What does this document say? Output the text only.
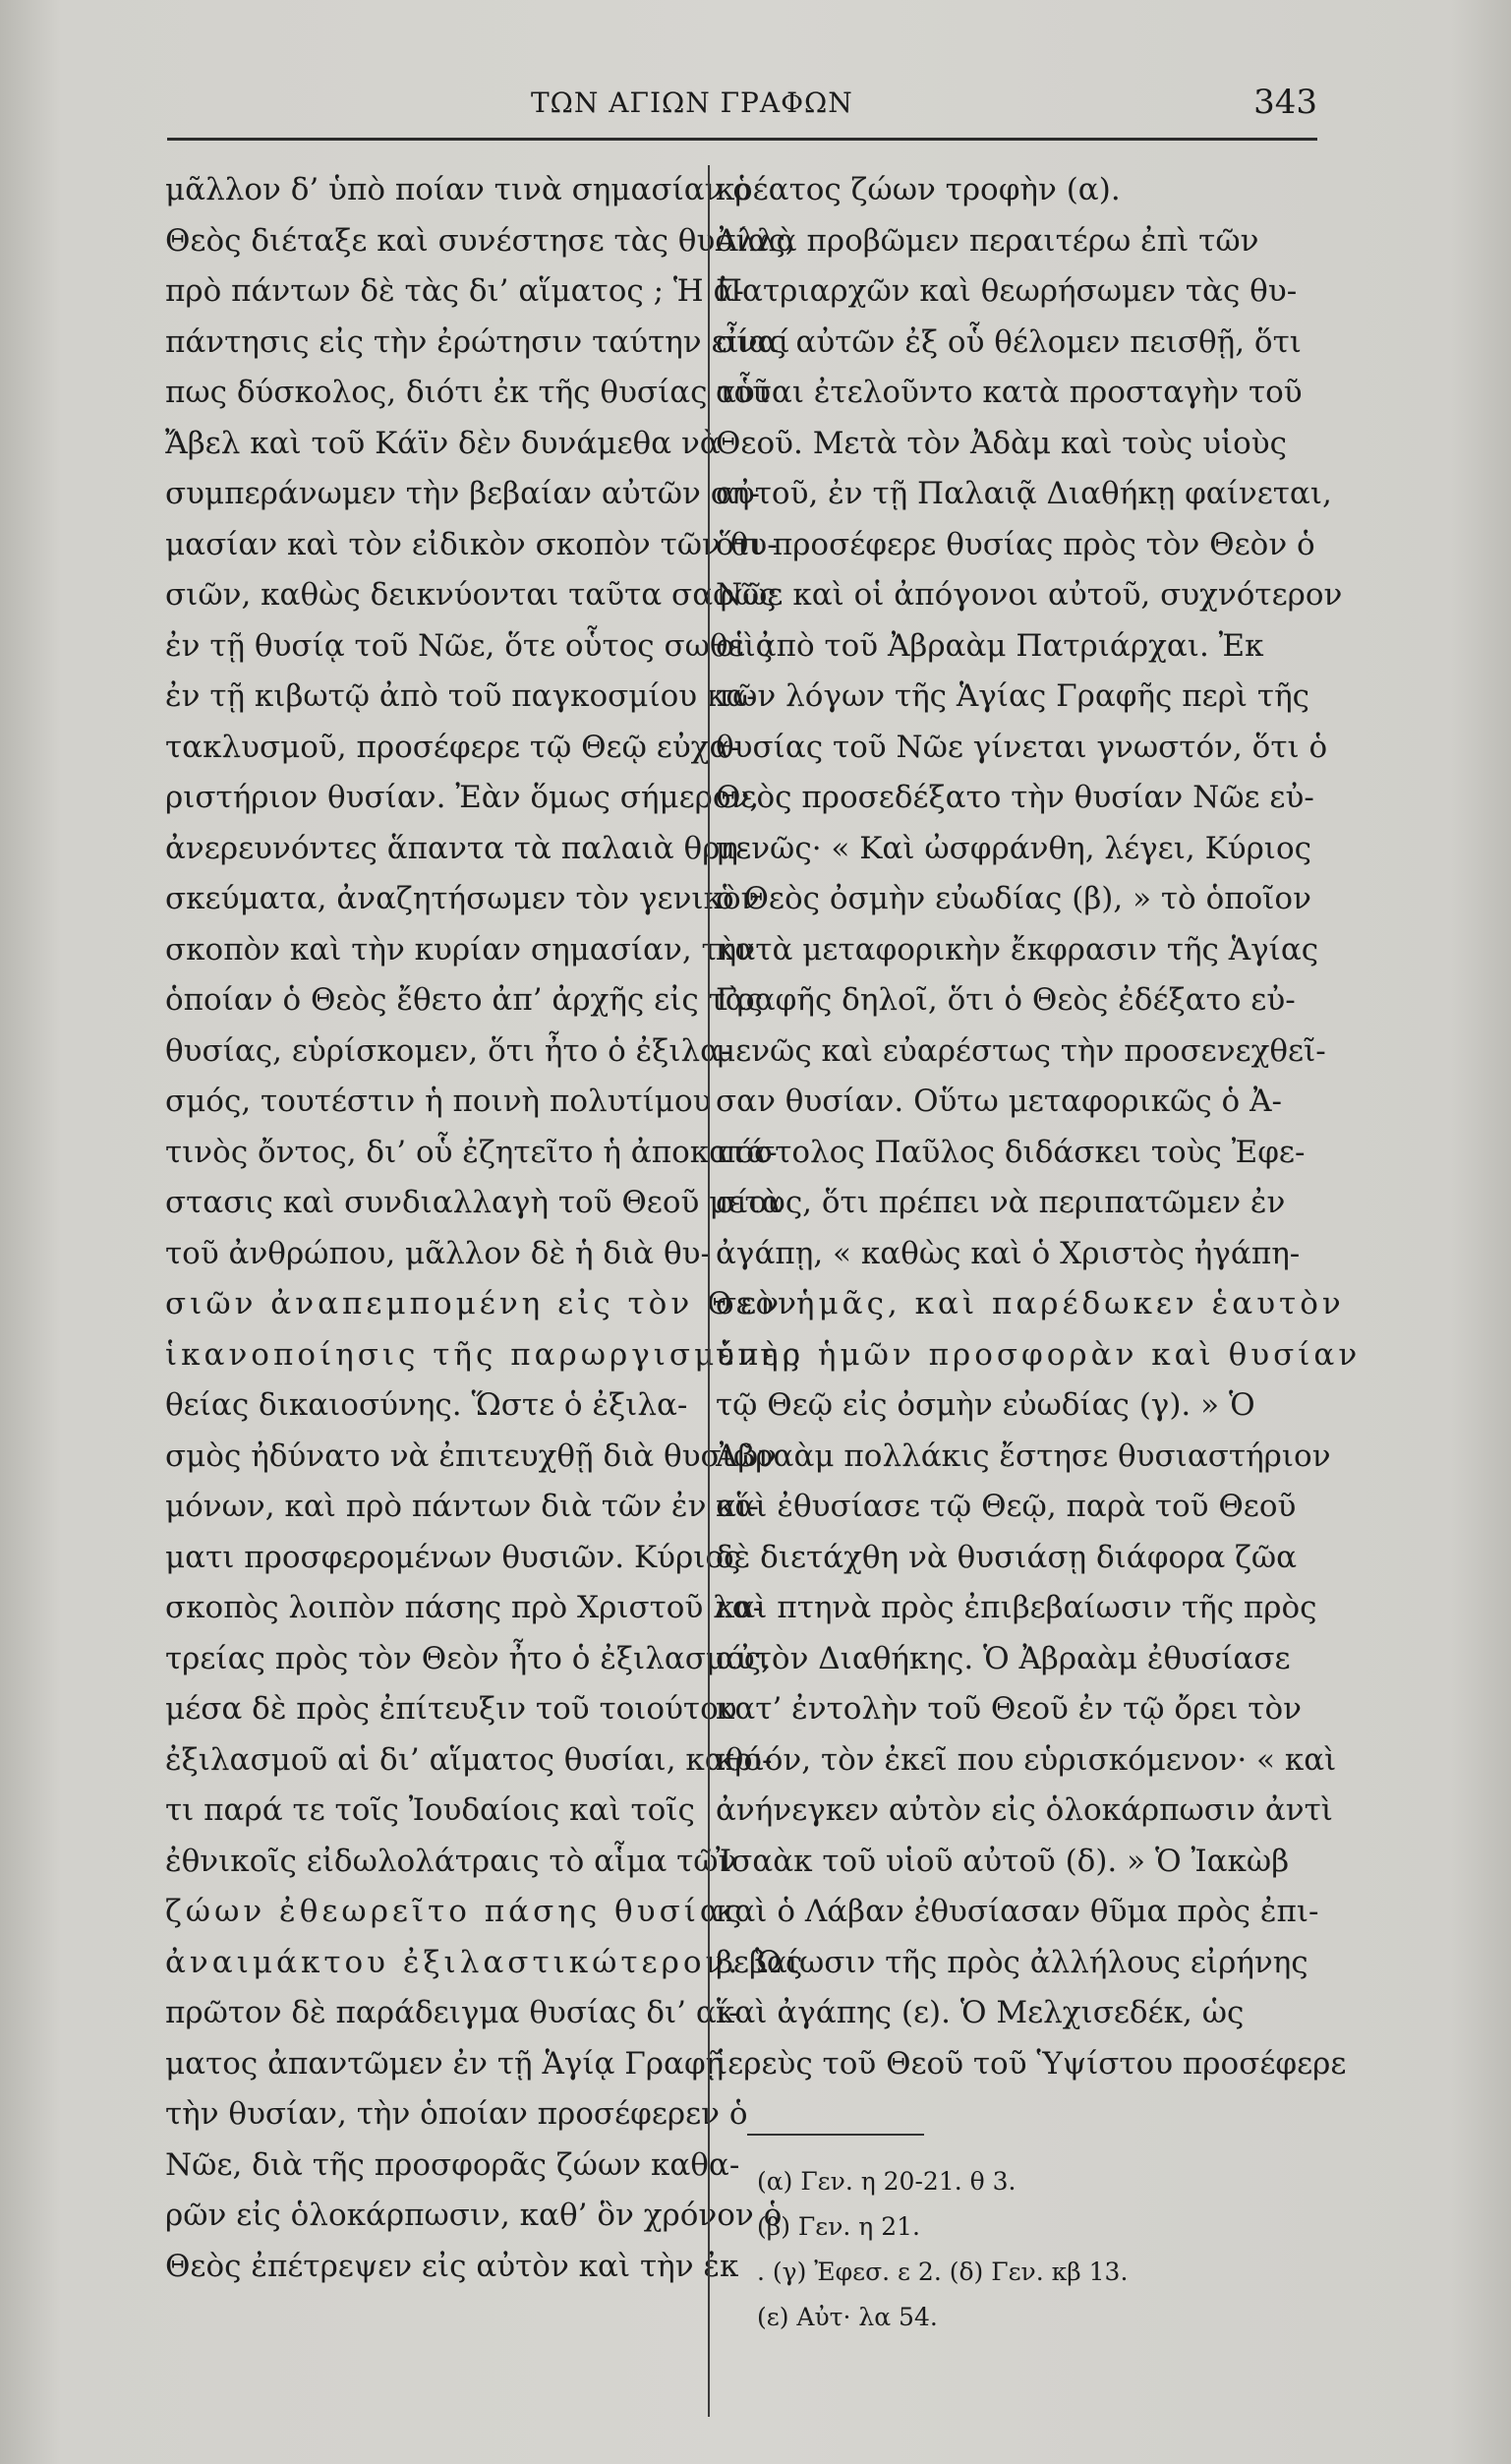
ΤΩΝ ΑΓΙΩΝ ΓΡΑΦΩΝ	343
μᾶλλον δ’ ὑπὸ ποίαν τινὰ σημασίαν ὁ
Θεὸς διέταξε καὶ συνέστησε τὰς θυσίας,
πρὸ πάντων δὲ τὰς δι’ αἵματος ; Ἡ ἀ-
πάντησις εἰς τὴν ἐρώτησιν ταύτην εἶναί
πως δύσκολος, διότι ἐκ τῆς θυσίας τοῦ
Ἄβελ καὶ τοῦ Κάϊν δὲν δυνάμεθα νὰ
συμπεράνωμεν τὴν βεβαίαν αὐτῶν ση-
μασίαν καὶ τὸν εἰδικὸν σκοπὸν τῶν θυ-
σιῶν, καθὼς δεικνύονται ταῦτα σαφῶς
ἐν τῇ θυσίᾳ τοῦ Νῶε, ὅτε οὗτος σωθεὶς
ἐν τῇ κιβωτῷ ἀπὸ τοῦ παγκοσμίου κα-
τακλυσμοῦ, προσέφερε τῷ Θεῷ εὐχα-
ριστήριον θυσίαν. Ἐὰν ὅμως σήμερον,
ἀνερευνόντες ἅπαντα τὰ παλαιὰ θρη-
σκεύματα, ἀναζητήσωμεν τὸν γενικὸν
σκοπὸν καὶ τὴν κυρίαν σημασίαν, τὴν
ὁποίαν ὁ Θεὸς ἔθετο ἀπ’ ἀρχῆς εἰς τὰς
θυσίας, εὑρίσκομεν, ὅτι ἦτο ὁ ἐξιλα-
σμός, τουτέστιν ἡ ποινὴ πολυτίμου
τινὸς ὄντος, δι’ οὗ ἐζητεῖτο ἡ ἀποκατά-
στασις καὶ συνδιαλλαγὴ τοῦ Θεοῦ μετὰ
τοῦ ἀνθρώπου, μᾶλλον δὲ ἡ διὰ θυ-
σιῶν ἀναπεμπομένη εἰς τὸν Θεὸν
ἱκανοποίησις τῆς παρωργισμένης
θείας δικαιοσύνης. Ὥστε ὁ ἐξιλα-
σμὸς ἠδύνατο νὰ ἐπιτευχθῇ διὰ θυσιῶν
μόνων, καὶ πρὸ πάντων διὰ τῶν ἐν αἵ-
ματι προσφερομένων θυσιῶν. Κύριος
σκοπὸς λοιπὸν πάσης πρὸ Χριστοῦ λα-
τρείας πρὸς τὸν Θεὸν ἦτο ὁ ἐξιλασμός,
μέσα δὲ πρὸς ἐπίτευξιν τοῦ τοιούτου
ἐξιλασμοῦ αἱ δι’ αἵματος θυσίαι, καθό-
τι παρά τε τοῖς Ἰουδαίοις καὶ τοῖς
ἐθνικοῖς εἰδωλολάτραις τὸ αἷμα τῶν
ζώων ἐθεωρεῖτο πάσης θυσίας
ἀναιμάκτου ἐξιλαστικώτερον. Ὡς
πρῶτον δὲ παράδειγμα θυσίας δι’ αἵ-
ματος ἀπαντῶμεν ἐν τῇ Ἁγίᾳ Γραφῇ
τὴν θυσίαν, τὴν ὁποίαν προσέφερεν ὁ
Νῶε, διὰ τῆς προσφορᾶς ζώων καθα-
ρῶν εἰς ὁλοκάρπωσιν, καθ’ ὃν χρόνον ὁ
Θεὸς ἐπέτρεψεν εἰς αὐτὸν καὶ τὴν ἐκ
κρέατος ζώων τροφὴν (α).
Ἀλλὰ προβῶμεν περαιτέρω ἐπὶ τῶν
Πατριαρχῶν καὶ θεωρήσωμεν τὰς θυ-
σίας αὐτῶν ἐξ οὗ θέλομεν πεισθῇ, ὅτι
αὗται ἐτελοῦντο κατὰ προσταγὴν τοῦ
Θεοῦ. Μετὰ τὸν Ἀδὰμ καὶ τοὺς υἱοὺς
αὐτοῦ, ἐν τῇ Παλαιᾷ Διαθήκῃ φαίνεται,
ὅτι προσέφερε θυσίας πρὸς τὸν Θεὸν ὁ
Νῶε καὶ οἱ ἀπόγονοι αὐτοῦ, συχνότερον
οἱ ἀπὸ τοῦ Ἀβραὰμ Πατριάρχαι. Ἐκ
τῶν λόγων τῆς Ἁγίας Γραφῆς περὶ τῆς
θυσίας τοῦ Νῶε γίνεται γνωστόν, ὅτι ὁ
Θεὸς προσεδέξατο τὴν θυσίαν Νῶε εὐ-
μενῶς· « Καὶ ὠσφράνθη, λέγει, Κύριος
ὁ Θεὸς ὀσμὴν εὐωδίας (β), » τὸ ὁποῖον
κατὰ μεταφορικὴν ἔκφρασιν τῆς Ἁγίας
Γραφῆς δηλοῖ, ὅτι ὁ Θεὸς ἐδέξατο εὐ-
μενῶς καὶ εὐαρέστως τὴν προσενεχθεῖ-
σαν θυσίαν. Οὕτω μεταφορικῶς ὁ Ἀ-
πόστολος Παῦλος διδάσκει τοὺς Ἐφε-
σίους, ὅτι πρέπει νὰ περιπατῶμεν ἐν
ἀγάπῃ, « καθὼς καὶ ὁ Χριστὸς ἠγάπη-
σεν ἡμᾶς, καὶ παρέδωκεν ἑαυτὸν
ὑπὲρ ἡμῶν προσφορὰν καὶ θυσίαν
τῷ Θεῷ εἰς ὀσμὴν εὐωδίας (γ). » Ὁ
Ἀβραὰμ πολλάκις ἔστησε θυσιαστήριον
καὶ ἐθυσίασε τῷ Θεῷ, παρὰ τοῦ Θεοῦ
δὲ διετάχθη νὰ θυσιάσῃ διάφορα ζῶα
καὶ πτηνὰ πρὸς ἐπιβεβαίωσιν τῆς πρὸς
αὐτὸν Διαθήκης. Ὁ Ἀβραὰμ ἐθυσίασε
κατ’ ἐντολὴν τοῦ Θεοῦ ἐν τῷ ὄρει τὸν
κριόν, τὸν ἐκεῖ που εὑρισκόμενον· « καὶ
ἀνήνεγκεν αὐτὸν εἰς ὁλοκάρπωσιν ἀντὶ
Ἰσαὰκ τοῦ υἱοῦ αὐτοῦ (δ). » Ὁ Ἰακὼβ
καὶ ὁ Λάβαν ἐθυσίασαν θῦμα πρὸς ἐπι-
βεβαίωσιν τῆς πρὸς ἀλλήλους εἰρήνης
καὶ ἀγάπης (ε). Ὁ Μελχισεδέκ, ὡς
ἱερεὺς τοῦ Θεοῦ τοῦ Ὑψίστου προσέφερε
(α) Γεν. η 20-21. θ 3.
(β) Γεν. η 21.
. (γ) Ἐφεσ. ε 2. (δ) Γεν. κβ 13.
(ε) Αὐτ· λα 54.
